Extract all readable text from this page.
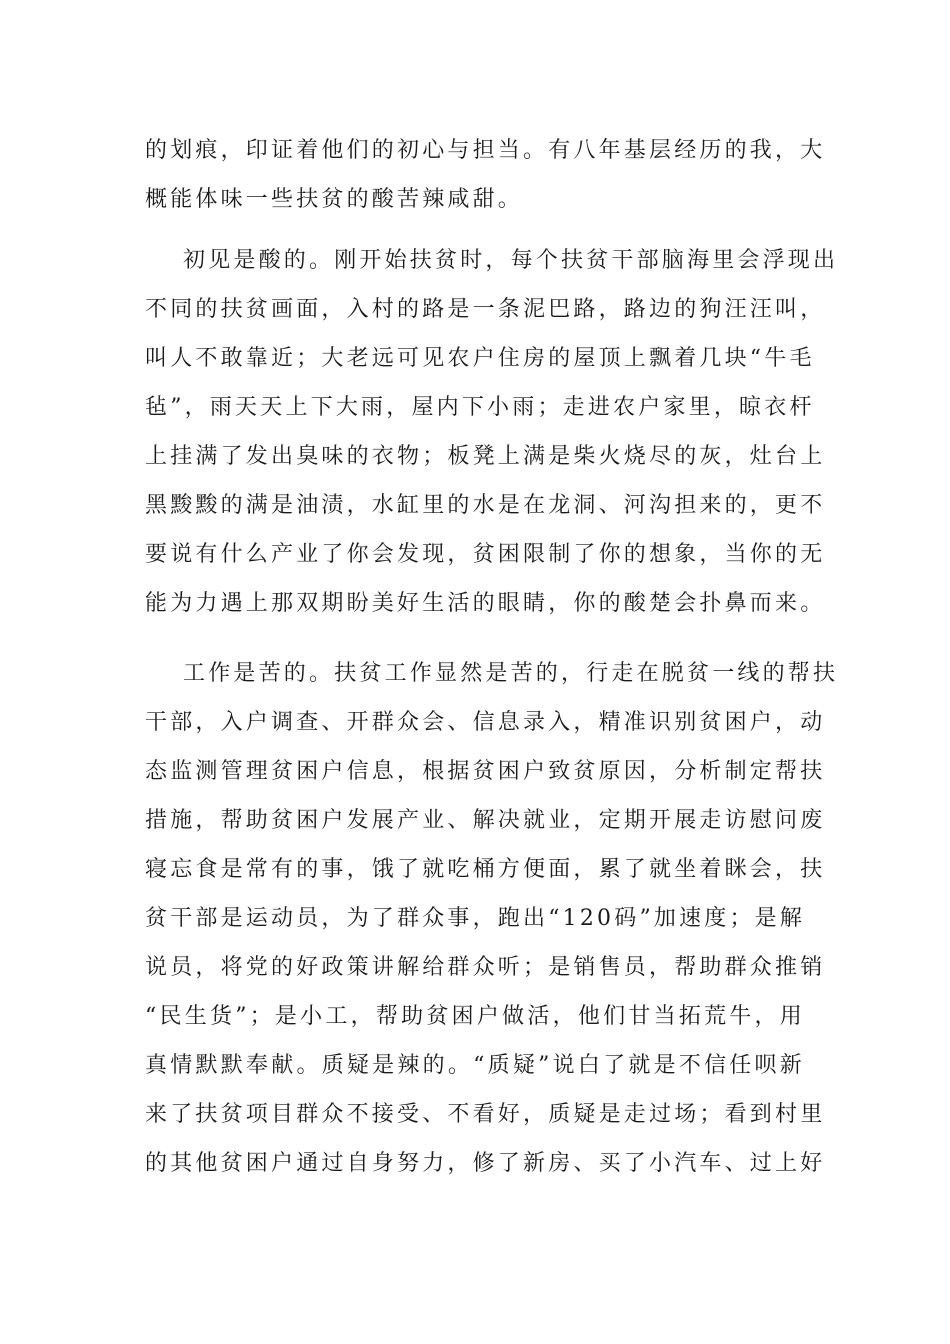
的划痕，印证着他们的初心与担当。有八年基层经历的我，大
概能体味一些扶贫的酸苦辣咸甜。
初见是酸的。刚开始扶贫时，每个扶贫干部脑海里会浮现出
不同的扶贫画面，入村的路是一条泥巴路，路边的狗汪汪叫，
叫人不敢靠近；大老远可见农户住房的屋顶上飘着几块“牛毛
毡”，雨天天上下大雨，屋内下小雨；走进农户家里，晾衣杆
上挂满了发出臭味的衣物；板凳上满是柴火烧尽的灰，灶台上
黑黢黢的满是油渍，水缸里的水是在龙洞、河沟担来的，更不
要说有什么产业了你会发现，贫困限制了你的想象，当你的无
能为力遇上那双期盼美好生活的眼睛，你的酸楚会扑鼻而来。
工作是苦的。扶贫工作显然是苦的，行走在脱贫一线的帮扶
干部，入户调查、开群众会、信息录入，精准识别贫困户，动
态监测管理贫困户信息，根据贫困户致贫原因，分析制定帮扶
措施，帮助贫困户发展产业、解决就业，定期开展走访慰问废
寝忘食是常有的事，饿了就吃桶方便面，累了就坐着眯会，扶
贫干部是运动员，为了群众事，跑出“120码”加速度；是解
说员，将党的好政策讲解给群众听；是销售员，帮助群众推销
“民生货”；是小工，帮助贫困户做活，他们甘当拓荒牛，用
真情默默奉献。质疑是辣的。“质疑”说白了就是不信任呗新
来了扶贫项目群众不接受、不看好，质疑是走过场；看到村里
的其他贫困户通过自身努力，修了新房、买了小汽车、过上好
